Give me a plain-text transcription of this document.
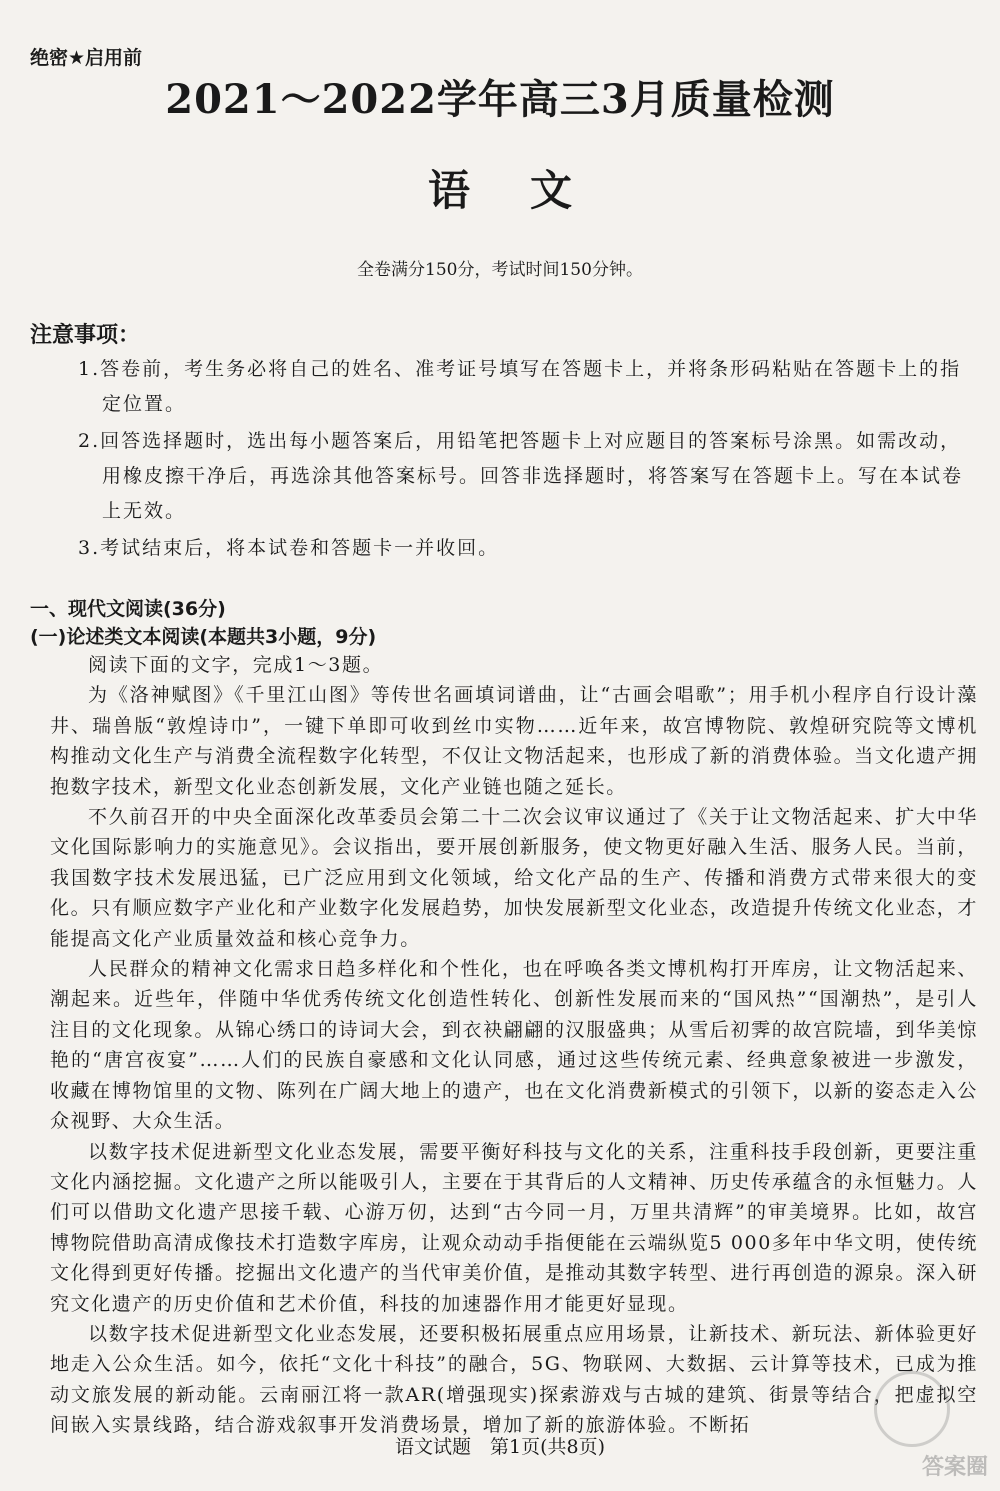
绝密★启用前
2021～2022学年高三3月质量检测
语文
全卷满分150分，考试时间150分钟。
注意事项：

1.答卷前，考生务必将自己的姓名、准考证号填写在答题卡上，并将条形码粘贴在答题卡上的指定位置。

2.回答选择题时，选出每小题答案后，用铅笔把答题卡上对应题目的答案标号涂黑。如需改动，用橡皮擦干净后，再选涂其他答案标号。回答非选择题时，将答案写在答题卡上。写在本试卷上无效。

3.考试结束后，将本试卷和答题卡一并收回。

一、现代文阅读(36分)
(一)论述类文本阅读(本题共3小题，9分)

阅读下面的文字，完成1～3题。

为《洛神赋图》《千里江山图》等传世名画填词谱曲，让“古画会唱歌”；用手机小程序自行设计藻井、瑞兽版“敦煌诗巾”，一键下单即可收到丝巾实物……近年来，故宫博物院、敦煌研究院等文博机构推动文化生产与消费全流程数字化转型，不仅让文物活起来，也形成了新的消费体验。当文化遗产拥抱数字技术，新型文化业态创新发展，文化产业链也随之延长。

不久前召开的中央全面深化改革委员会第二十二次会议审议通过了《关于让文物活起来、扩大中华文化国际影响力的实施意见》。会议指出，要开展创新服务，使文物更好融入生活、服务人民。当前，我国数字技术发展迅猛，已广泛应用到文化领域，给文化产品的生产、传播和消费方式带来很大的变化。只有顺应数字产业化和产业数字化发展趋势，加快发展新型文化业态，改造提升传统文化业态，才能提高文化产业质量效益和核心竞争力。

人民群众的精神文化需求日趋多样化和个性化，也在呼唤各类文博机构打开库房，让文物活起来、潮起来。近些年，伴随中华优秀传统文化创造性转化、创新性发展而来的“国风热”“国潮热”，是引人注目的文化现象。从锦心绣口的诗词大会，到衣袂翩翩的汉服盛典；从雪后初霁的故宫院墙，到华美惊艳的“唐宫夜宴”……人们的民族自豪感和文化认同感，通过这些传统元素、经典意象被进一步激发，收藏在博物馆里的文物、陈列在广阔大地上的遗产，也在文化消费新模式的引领下，以新的姿态走入公众视野、大众生活。

以数字技术促进新型文化业态发展，需要平衡好科技与文化的关系，注重科技手段创新，更要注重文化内涵挖掘。文化遗产之所以能吸引人，主要在于其背后的人文精神、历史传承蕴含的永恒魅力。人们可以借助文化遗产思接千载、心游万仞，达到“古今同一月，万里共清辉”的审美境界。比如，故宫博物院借助高清成像技术打造数字库房，让观众动动手指便能在云端纵览5 000多年中华文明，使传统文化得到更好传播。挖掘出文化遗产的当代审美价值，是推动其数字转型、进行再创造的源泉。深入研究文化遗产的历史价值和艺术价值，科技的加速器作用才能更好显现。

以数字技术促进新型文化业态发展，还要积极拓展重点应用场景，让新技术、新玩法、新体验更好地走入公众生活。如今，依托“文化十科技”的融合，5G、物联网、大数据、云计算等技术，已成为推动文旅发展的新动能。云南丽江将一款AR(增强现实)探索游戏与古城的建筑、街景等结合，把虚拟空间嵌入实景线路，结合游戏叙事开发消费场景，增加了新的旅游体验。不断拓

语文试题　第1页(共8页)
答案圈
